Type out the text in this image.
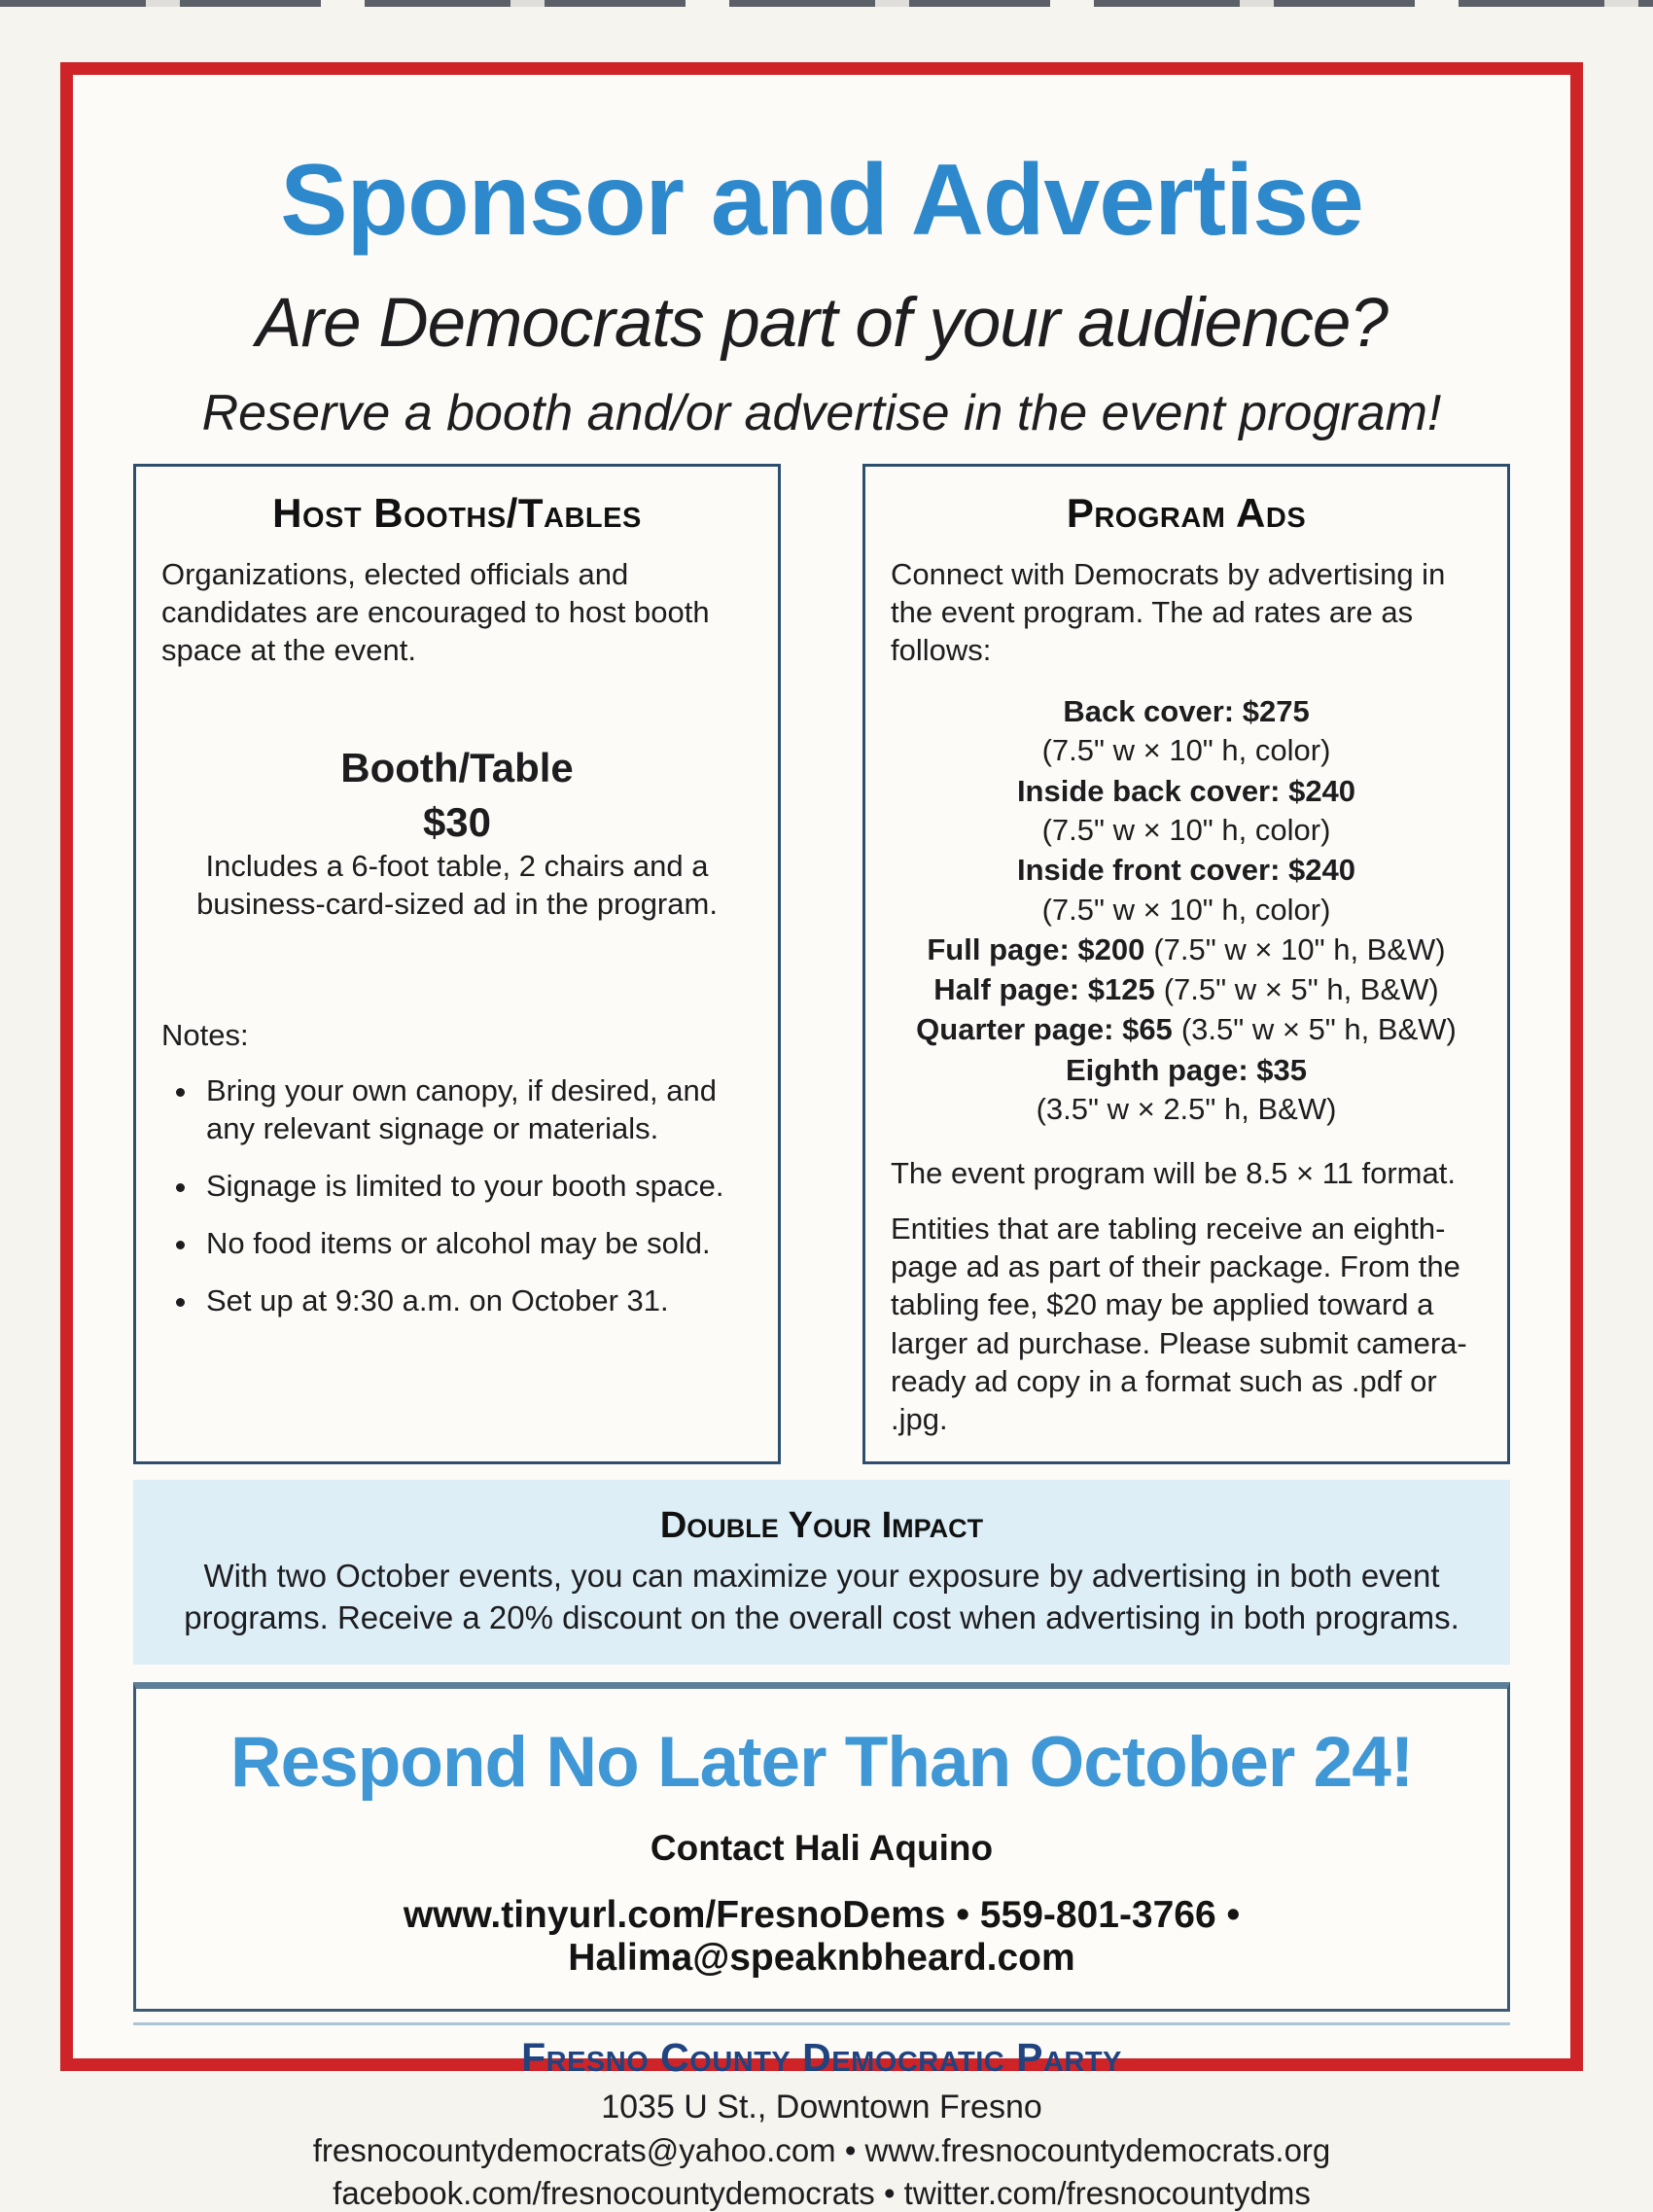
Sponsor and Advertise
Are Democrats part of your audience?
Reserve a booth and/or advertise in the event program!
Host Booths/Tables

Organizations, elected officials and candidates are encouraged to host booth space at the event.

Booth/Table
$30

Includes a 6-foot table, 2 chairs and a business-card-sized ad in the program.

Notes:

• Bring your own canopy, if desired, and any relevant signage or materials.
• Signage is limited to your booth space.
• No food items or alcohol may be sold.
• Set up at 9:30 a.m. on October 31.
Program Ads

Connect with Democrats by advertising in the event program. The ad rates are as follows:

Back cover: $275
(7.5" w × 10" h, color)
Inside back cover: $240
(7.5" w × 10" h, color)
Inside front cover: $240
(7.5" w × 10" h, color)
Full page: $200 (7.5" w × 10" h, B&W)
Half page: $125 (7.5" w × 5" h, B&W)
Quarter page: $65 (3.5" w × 5" h, B&W)
Eighth page: $35
(3.5" w × 2.5" h, B&W)

The event program will be 8.5 × 11 format.

Entities that are tabling receive an eighth-page ad as part of their package. From the tabling fee, $20 may be applied toward a larger ad purchase. Please submit camera-ready ad copy in a format such as .pdf or .jpg.

Double Your Impact

With two October events, you can maximize your exposure by advertising in both event programs. Receive a 20% discount on the overall cost when advertising in both programs.

Respond No Later Than October 24!
Contact Hali Aquino
www.tinyurl.com/FresnoDems • 559-801-3766 • Halima@speaknbheard.com
Fresno County Democratic Party
1035 U St., Downtown Fresno
fresnocountydemocrats@yahoo.com • www.fresnocountydemocrats.org
facebook.com/fresnocountydemocrats • twitter.com/fresnocountydms
